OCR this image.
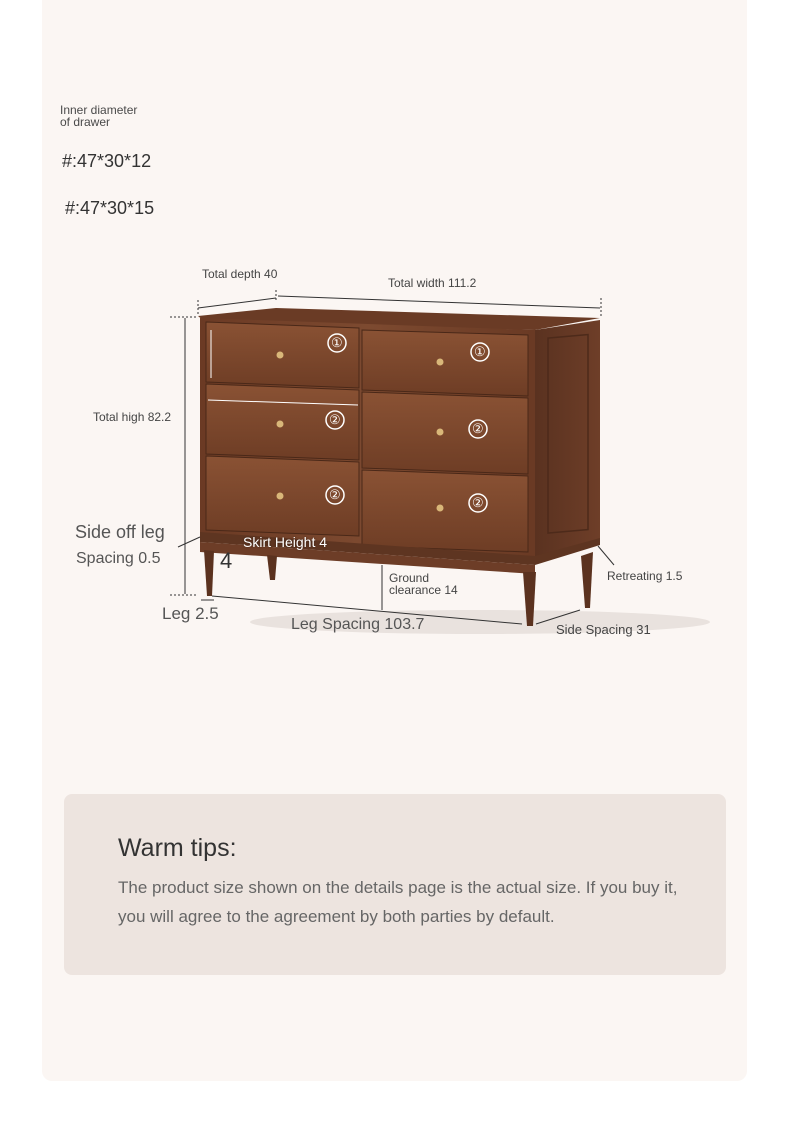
Inner diameter
of drawer
#:47*30*12
#:47*30*15
①
①
②
②
②
②
Total depth 40
Total width 111.2
Total high 82.2
Side off leg
Spacing 0.5
Skirt Height 4
4
Ground
clearance 14
Retreating 1.5
Leg 2.5
Leg Spacing 103.7	Side Spacing 31
Warm tips:
The product size shown on the details page is the actual size. If you buy it, you will agree to the agreement by both parties by default.
